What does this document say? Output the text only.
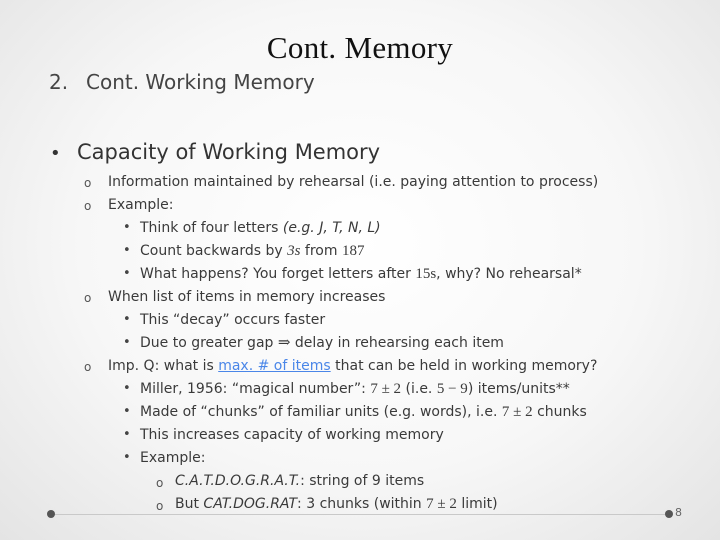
Cont. Memory
2. Cont. Working Memory
• Capacity of Working Memory
o Information maintained by rehearsal (i.e. paying attention to process)
o Example:
• Think of four letters (e.g. J, T, N, L)
• Count backwards by 3s from 187
• What happens? You forget letters after 15s, why? No rehearsal*
o When list of items in memory increases
• This “decay” occurs faster
• Due to greater gap ⇒ delay in rehearsing each item
o Imp. Q: what is max. # of items that can be held in working memory?
• Miller, 1956: “magical number”: 7 ± 2 (i.e. 5 − 9) items/units**
• Made of “chunks” of familiar units (e.g. words), i.e. 7 ± 2 chunks
• This increases capacity of working memory
• Example:
o C.A.T.D.O.G.R.A.T.: string of 9 items
o But CAT.DOG.RAT: 3 chunks (within 7 ± 2 limit)
8
